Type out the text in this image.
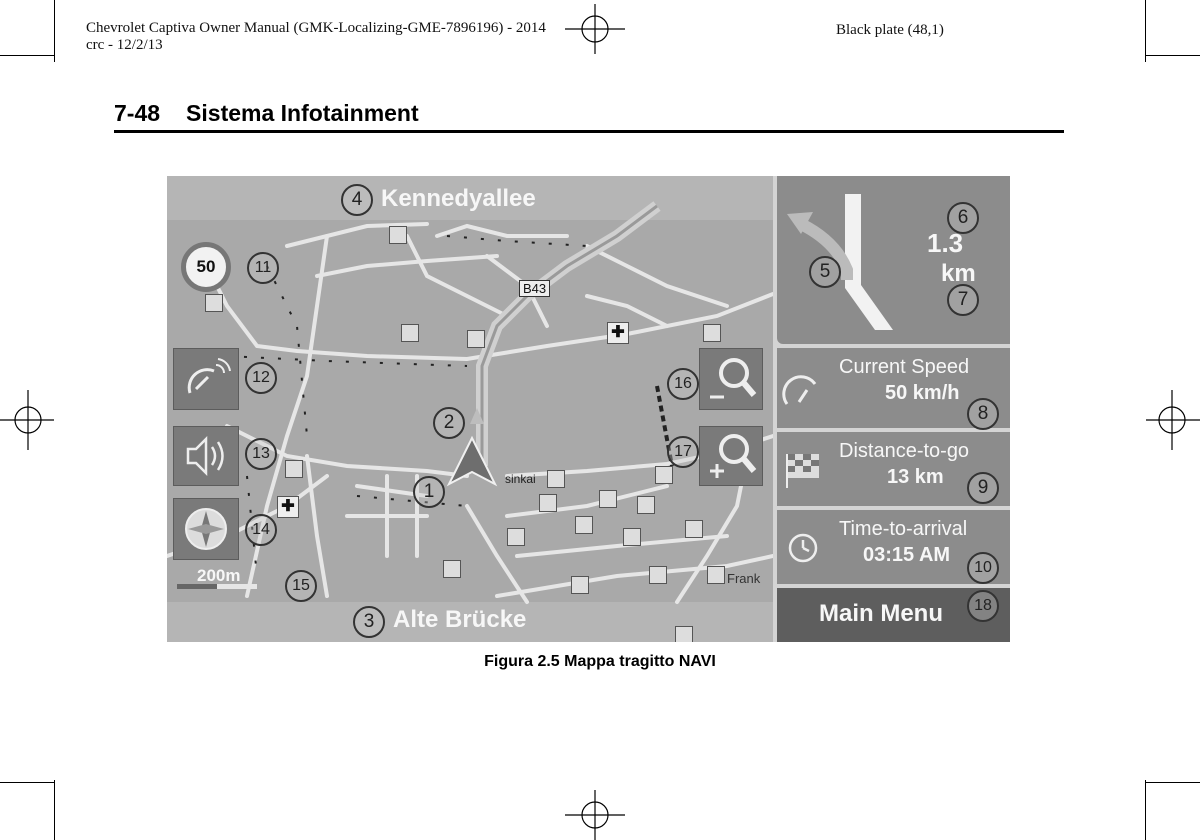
Chevrolet Captiva Owner Manual (GMK-Localizing-GME-7896196) - 2014
crc - 12/2/13
Black plate (48,1)
7-48 Sistema Infotainment
✚
✚
Kennedyallee
Alte Brücke
B43
sinkai
Frank
200m
50
1.3
km
Current Speed
50 km/h
Distance-to-go
13 km
Time-to-arrival
03:15 AM
Main Menu
1
2
3
4
5
6
7
8
9
10
11
12
13
14
15
16
17
18
Figura 2.5 Mappa tragitto NAVI
